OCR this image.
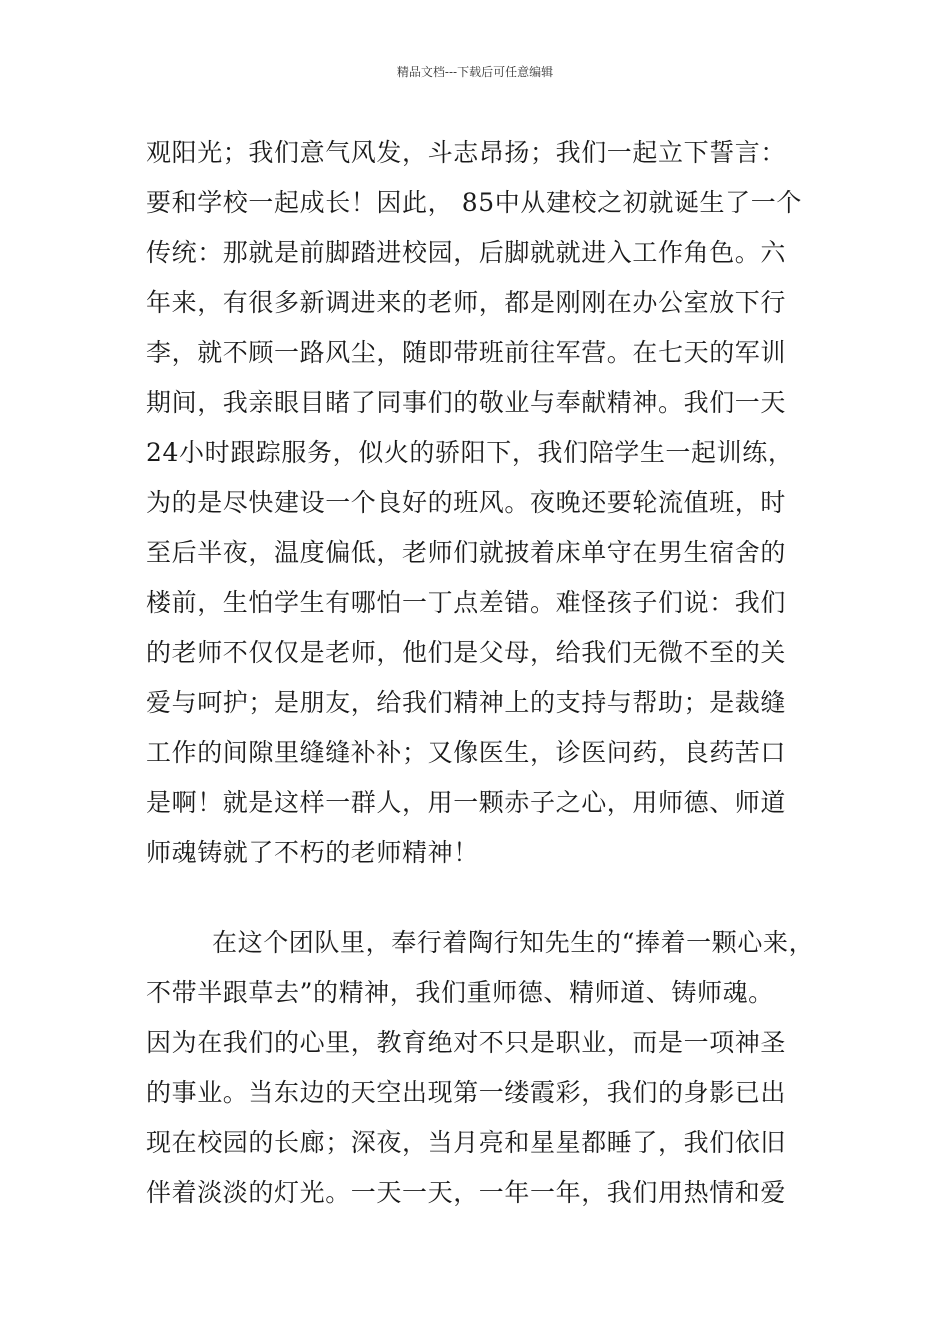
精品文档---下载后可任意编辑
观阳光；我们意气风发，斗志昂扬；我们一起立下誓言：
要和学校一起成长！因此， 85中从建校之初就诞生了一个
传统：那就是前脚踏进校园，后脚就就进入工作角色。六
年来，有很多新调进来的老师，都是刚刚在办公室放下行
李，就不顾一路风尘，随即带班前往军营。在七天的军训
期间，我亲眼目睹了同事们的敬业与奉献精神。我们一天
24小时跟踪服务，似火的骄阳下，我们陪学生一起训练，
为的是尽快建设一个良好的班风。夜晚还要轮流值班，时
至后半夜，温度偏低，老师们就披着床单守在男生宿舍的
楼前，生怕学生有哪怕一丁点差错。难怪孩子们说：我们
的老师不仅仅是老师，他们是父母，给我们无微不至的关
爱与呵护；是朋友，给我们精神上的支持与帮助；是裁缝
工作的间隙里缝缝补补；又像医生，诊医问药，良药苦口
是啊！就是这样一群人，用一颗赤子之心，用师德、师道
师魂铸就了不朽的老师精神！
在这个团队里，奉行着陶行知先生的“捧着一颗心来，
不带半跟草去”的精神，我们重师德、精师道、铸师魂。
因为在我们的心里，教育绝对不只是职业，而是一项神圣
的事业。当东边的天空出现第一缕霞彩，我们的身影已出
现在校园的长廊；深夜，当月亮和星星都睡了，我们依旧
伴着淡淡的灯光。一天一天，一年一年，我们用热情和爱
